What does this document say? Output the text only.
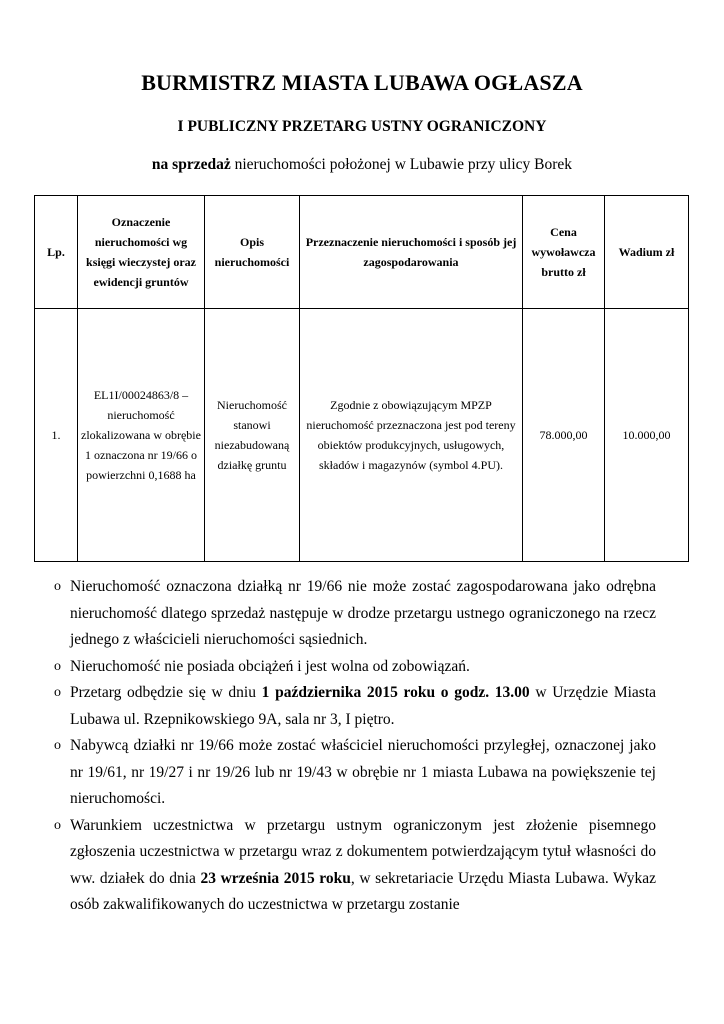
BURMISTRZ MIASTA LUBAWA OGŁASZA
I PUBLICZNY PRZETARG USTNY OGRANICZONY
na sprzedaż nieruchomości położonej w Lubawie przy ulicy Borek
Lp.	Oznaczenie nieruchomości wg księgi wieczystej oraz ewidencji gruntów	Opis nieruchomości	Przeznaczenie nieruchomości i sposób jej zagospodarowania	Cena wywoławcza brutto zł	Wadium zł
1.	EL1I/00024863/8 – nieruchomość zlokalizowana w obrębie 1 oznaczona nr 19/66 o powierzchni 0,1688 ha	Nieruchomość stanowi niezabudowaną działkę gruntu	Zgodnie z obowiązującym MPZP nieruchomość przeznaczona jest pod tereny obiektów produkcyjnych, usługowych, składów i magazynów (symbol 4.PU).	78.000,00	10.000,00
o Nieruchomość oznaczona działką nr 19/66 nie może zostać zagospodarowana jako odrębna nieruchomość dlatego sprzedaż następuje w drodze przetargu ustnego ograniczonego na rzecz jednego z właścicieli nieruchomości sąsiednich.
o Nieruchomość nie posiada obciążeń i jest wolna od zobowiązań.
o Przetarg odbędzie się w dniu 1 października 2015 roku o godz. 13.00 w Urzędzie Miasta Lubawa ul. Rzepnikowskiego 9A, sala nr 3, I piętro.
o Nabywcą działki nr 19/66 może zostać właściciel nieruchomości przyległej, oznaczonej jako nr 19/61, nr 19/27 i nr 19/26 lub nr 19/43 w obrębie nr 1 miasta Lubawa na powiększenie tej nieruchomości.
o Warunkiem uczestnictwa w przetargu ustnym ograniczonym jest złożenie pisemnego zgłoszenia uczestnictwa w przetargu wraz z dokumentem potwierdzającym tytuł własności do ww. działek do dnia 23 września 2015 roku, w sekretariacie Urzędu Miasta Lubawa. Wykaz osób zakwalifikowanych do uczestnictwa w przetargu zostanie
